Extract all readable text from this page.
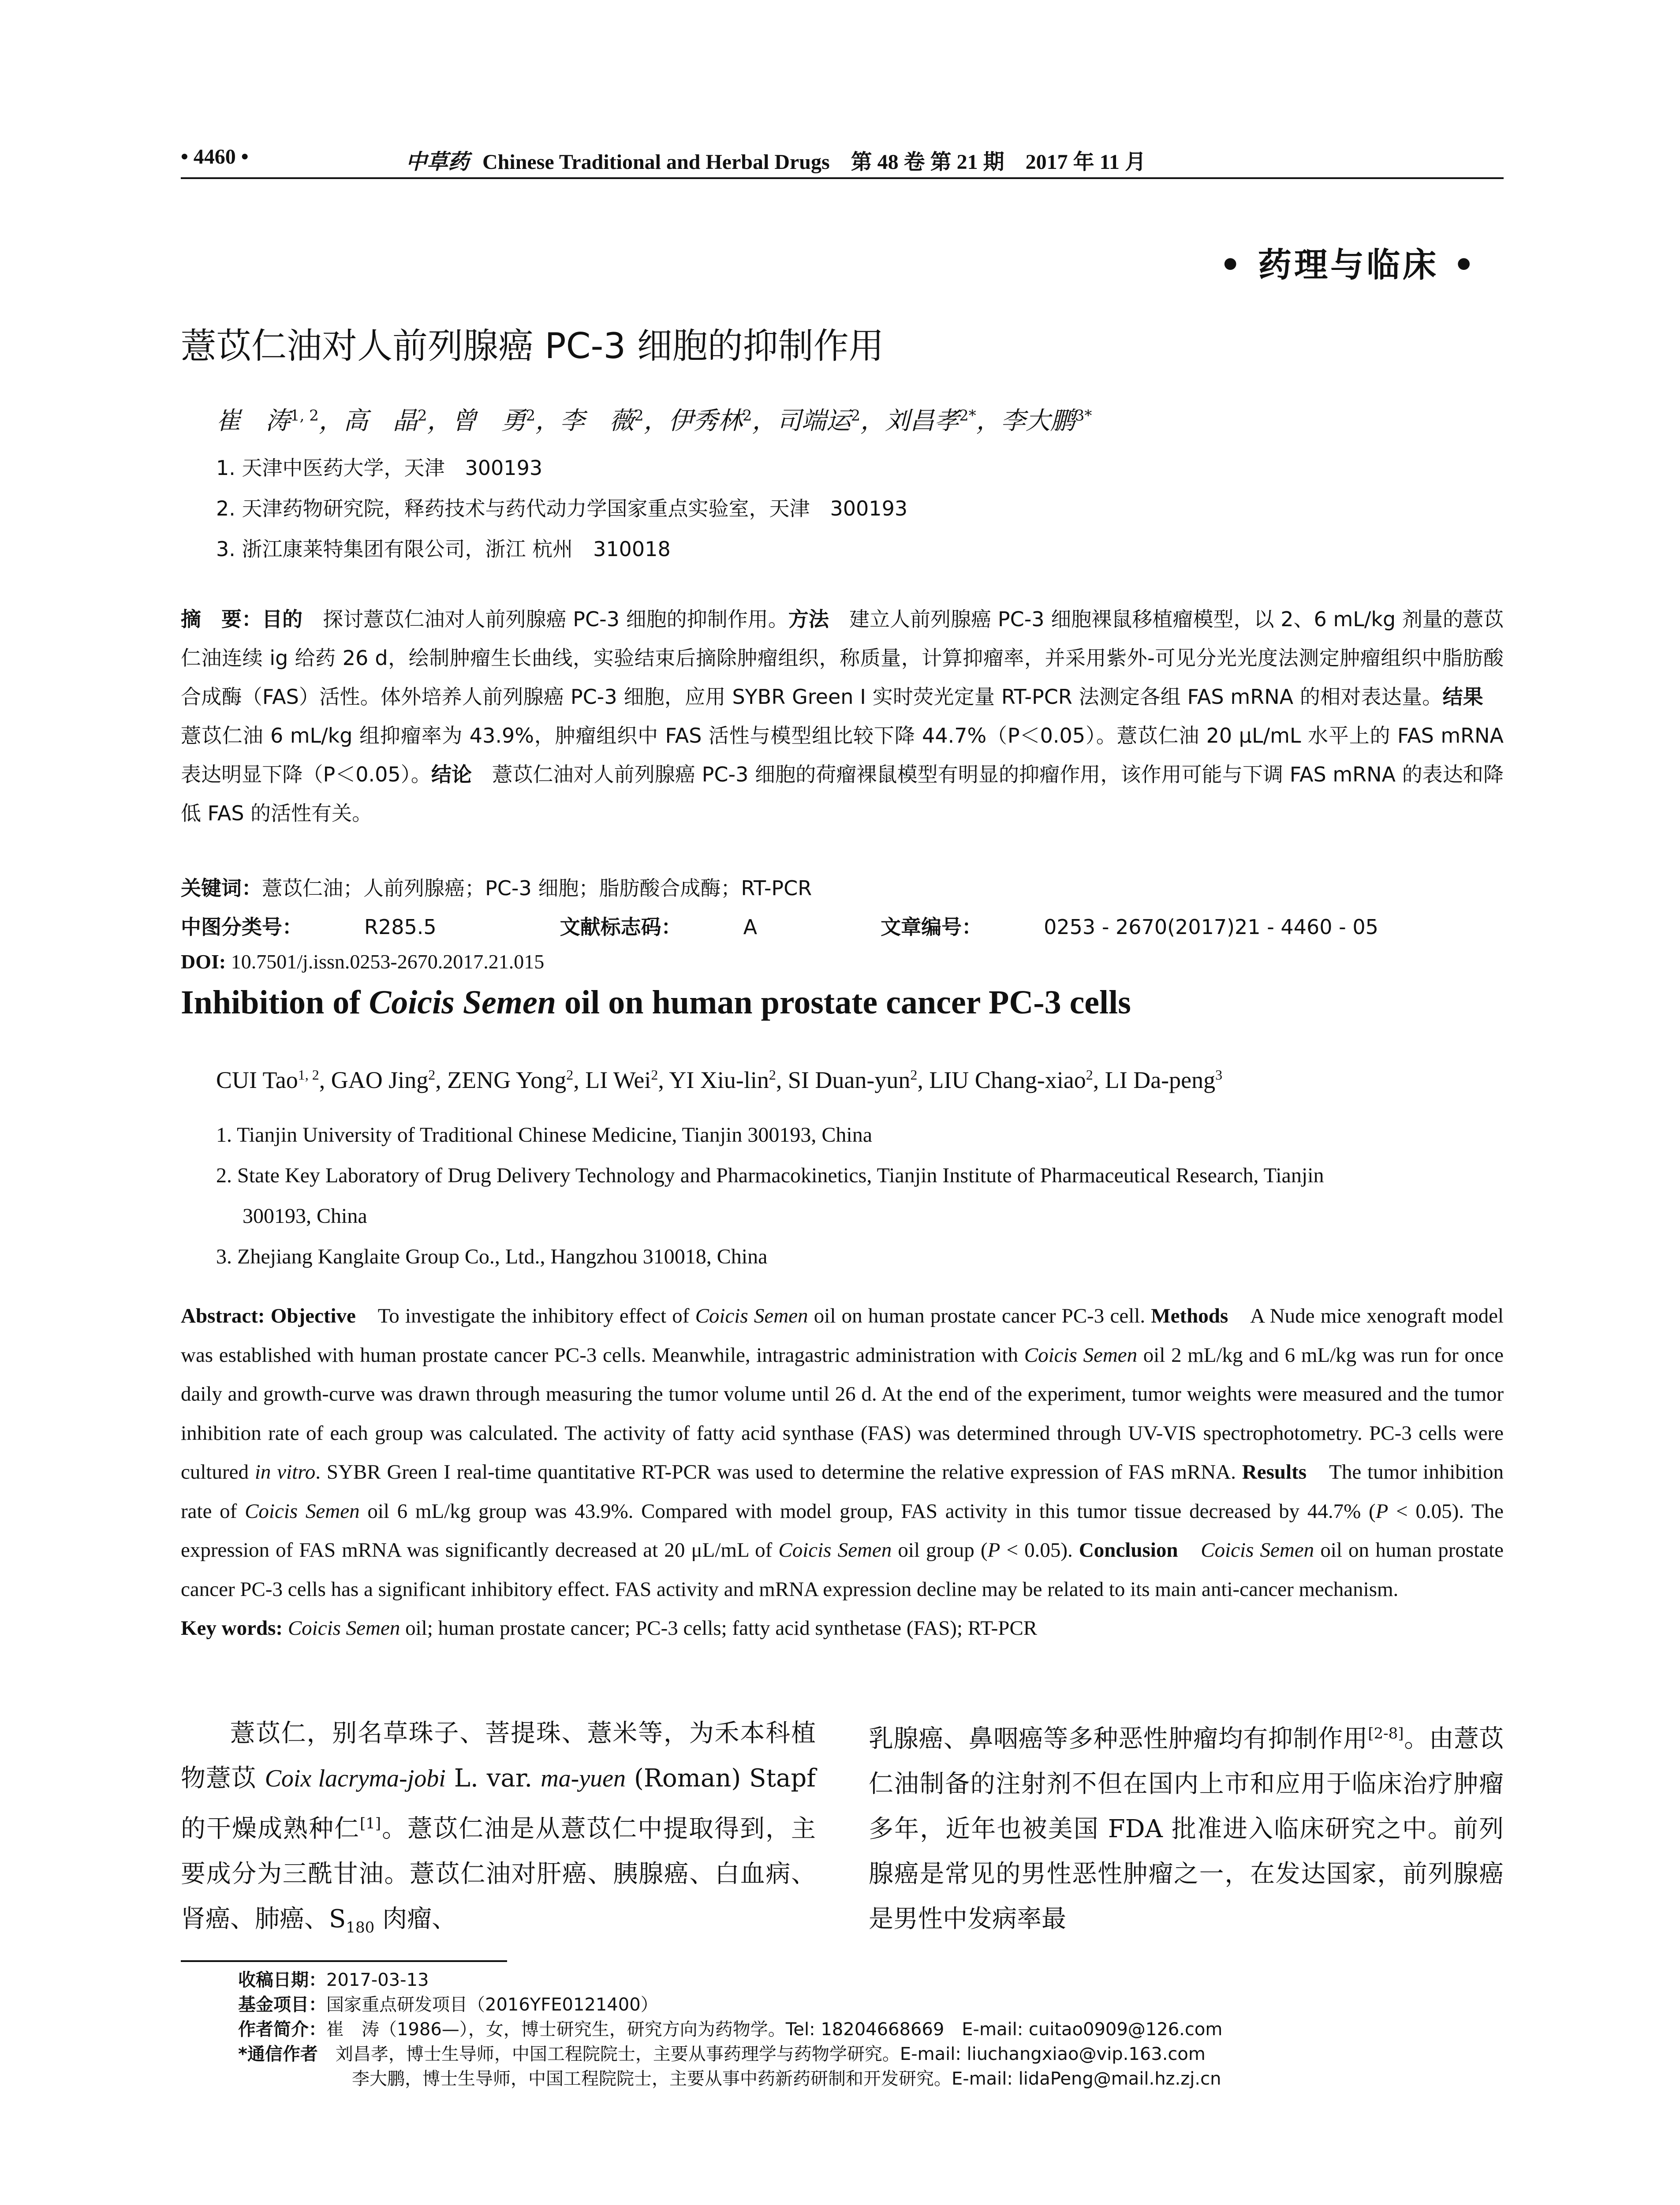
• 4460 •	中草药 Chinese Traditional and Herbal Drugs　第 48 卷 第 21 期　2017 年 11 月
• 药理与临床 •
薏苡仁油对人前列腺癌 PC-3 细胞的抑制作用
崔　涛$^{1, 2}$，高　晶$^2$，曾　勇$^2$，李　薇$^2$，伊秀林$^2$，司端运$^2$，刘昌孝$^{2*}$，李大鹏$^{3*}$
1. 天津中医药大学，天津　300193
2. 天津药物研究院，释药技术与药代动力学国家重点实验室，天津　300193
3. 浙江康莱特集团有限公司，浙江 杭州　310018
摘　要：目的　探讨薏苡仁油对人前列腺癌 PC-3 细胞的抑制作用。方法　建立人前列腺癌 PC-3 细胞裸鼠移植瘤模型，以 2、6 mL/kg 剂量的薏苡仁油连续 ig 给药 26 d，绘制肿瘤生长曲线，实验结束后摘除肿瘤组织，称质量，计算抑瘤率，并采用紫外-可见分光光度法测定肿瘤组织中脂肪酸合成酶（FAS）活性。体外培养人前列腺癌 PC-3 细胞，应用 SYBR Green I 实时荧光定量 RT-PCR 法测定各组 FAS mRNA 的相对表达量。结果　薏苡仁油 6 mL/kg 组抑瘤率为 43.9%，肿瘤组织中 FAS 活性与模型组比较下降 44.7%（P＜0.05）。薏苡仁油 20 μL/mL 水平上的 FAS mRNA 表达明显下降（P＜0.05）。结论　薏苡仁油对人前列腺癌 PC-3 细胞的荷瘤裸鼠模型有明显的抑瘤作用，该作用可能与下调 FAS mRNA 的表达和降低 FAS 的活性有关。
关键词：薏苡仁油；人前列腺癌；PC-3 细胞；脂肪酸合成酶；RT-PCR
中图分类号：	R285.5	文献标志码：	A	文章编号：	0253 - 2670(2017)21 - 4460 - 05
DOI: 10.7501/j.issn.0253-2670.2017.21.015
Inhibition of Coicis Semen oil on human prostate cancer PC-3 cells
CUI Tao$^{1, 2}$, GAO Jing$^2$, ZENG Yong$^2$, LI Wei$^2$, YI Xiu-lin$^2$, SI Duan-yun$^2$, LIU Chang-xiao$^2$, LI Da-peng$^3$
1. Tianjin University of Traditional Chinese Medicine, Tianjin 300193, China
2. State Key Laboratory of Drug Delivery Technology and Pharmacokinetics, Tianjin Institute of Pharmaceutical Research, Tianjin
300193, China
3. Zhejiang Kanglaite Group Co., Ltd., Hangzhou 310018, China
Abstract: Objective　To investigate the inhibitory effect of Coicis Semen oil on human prostate cancer PC-3 cell. Methods　A Nude mice xenograft model was established with human prostate cancer PC-3 cells. Meanwhile, intragastric administration with Coicis Semen oil 2 mL/kg and 6 mL/kg was run for once daily and growth-curve was drawn through measuring the tumor volume until 26 d. At the end of the experiment, tumor weights were measured and the tumor inhibition rate of each group was calculated. The activity of fatty acid synthase (FAS) was determined through UV-VIS spectrophotometry. PC-3 cells were cultured in vitro. SYBR Green I real-time quantitative RT-PCR was used to determine the relative expression of FAS mRNA. Results　The tumor inhibition rate of Coicis Semen oil 6 mL/kg group was 43.9%. Compared with model group, FAS activity in this tumor tissue decreased by 44.7% (P < 0.05). The expression of FAS mRNA was significantly decreased at 20 μL/mL of Coicis Semen oil group (P < 0.05). Conclusion　 Coicis Semen oil on human prostate cancer PC-3 cells has a significant inhibitory effect. FAS activity and mRNA expression decline may be related to its main anti-cancer mechanism.
Key words: Coicis Semen oil; human prostate cancer; PC-3 cells; fatty acid synthetase (FAS); RT-PCR
薏苡仁，别名草珠子、菩提珠、薏米等，为禾本科植物薏苡 Coix lacryma-jobi L. var. ma-yuen (Roman) Stapf 的干燥成熟种仁[1]。薏苡仁油是从薏苡仁中提取得到，主要成分为三酰甘油。薏苡仁油对肝癌、胰腺癌、白血病、肾癌、肺癌、$S_{180}$ 肉瘤、
乳腺癌、鼻咽癌等多种恶性肿瘤均有抑制作用[2-8]。由薏苡仁油制备的注射剂不但在国内上市和应用于临床治疗肿瘤多年，近年也被美国 FDA 批准进入临床研究之中。前列腺癌是常见的男性恶性肿瘤之一，在发达国家，前列腺癌是男性中发病率最
收稿日期：2017-03-13
基金项目：国家重点研发项目（2016YFE0121400）
作者简介：崔　涛（1986—），女，博士研究生，研究方向为药物学。Tel: 18204668669　E-mail: cuitao0909@126.com
*通信作者　刘昌孝，博士生导师，中国工程院院士，主要从事药理学与药物学研究。E-mail: liuchangxiao@vip.163.com
李大鹏，博士生导师，中国工程院院士，主要从事中药新药研制和开发研究。E-mail: lidaPeng@mail.hz.zj.cn
